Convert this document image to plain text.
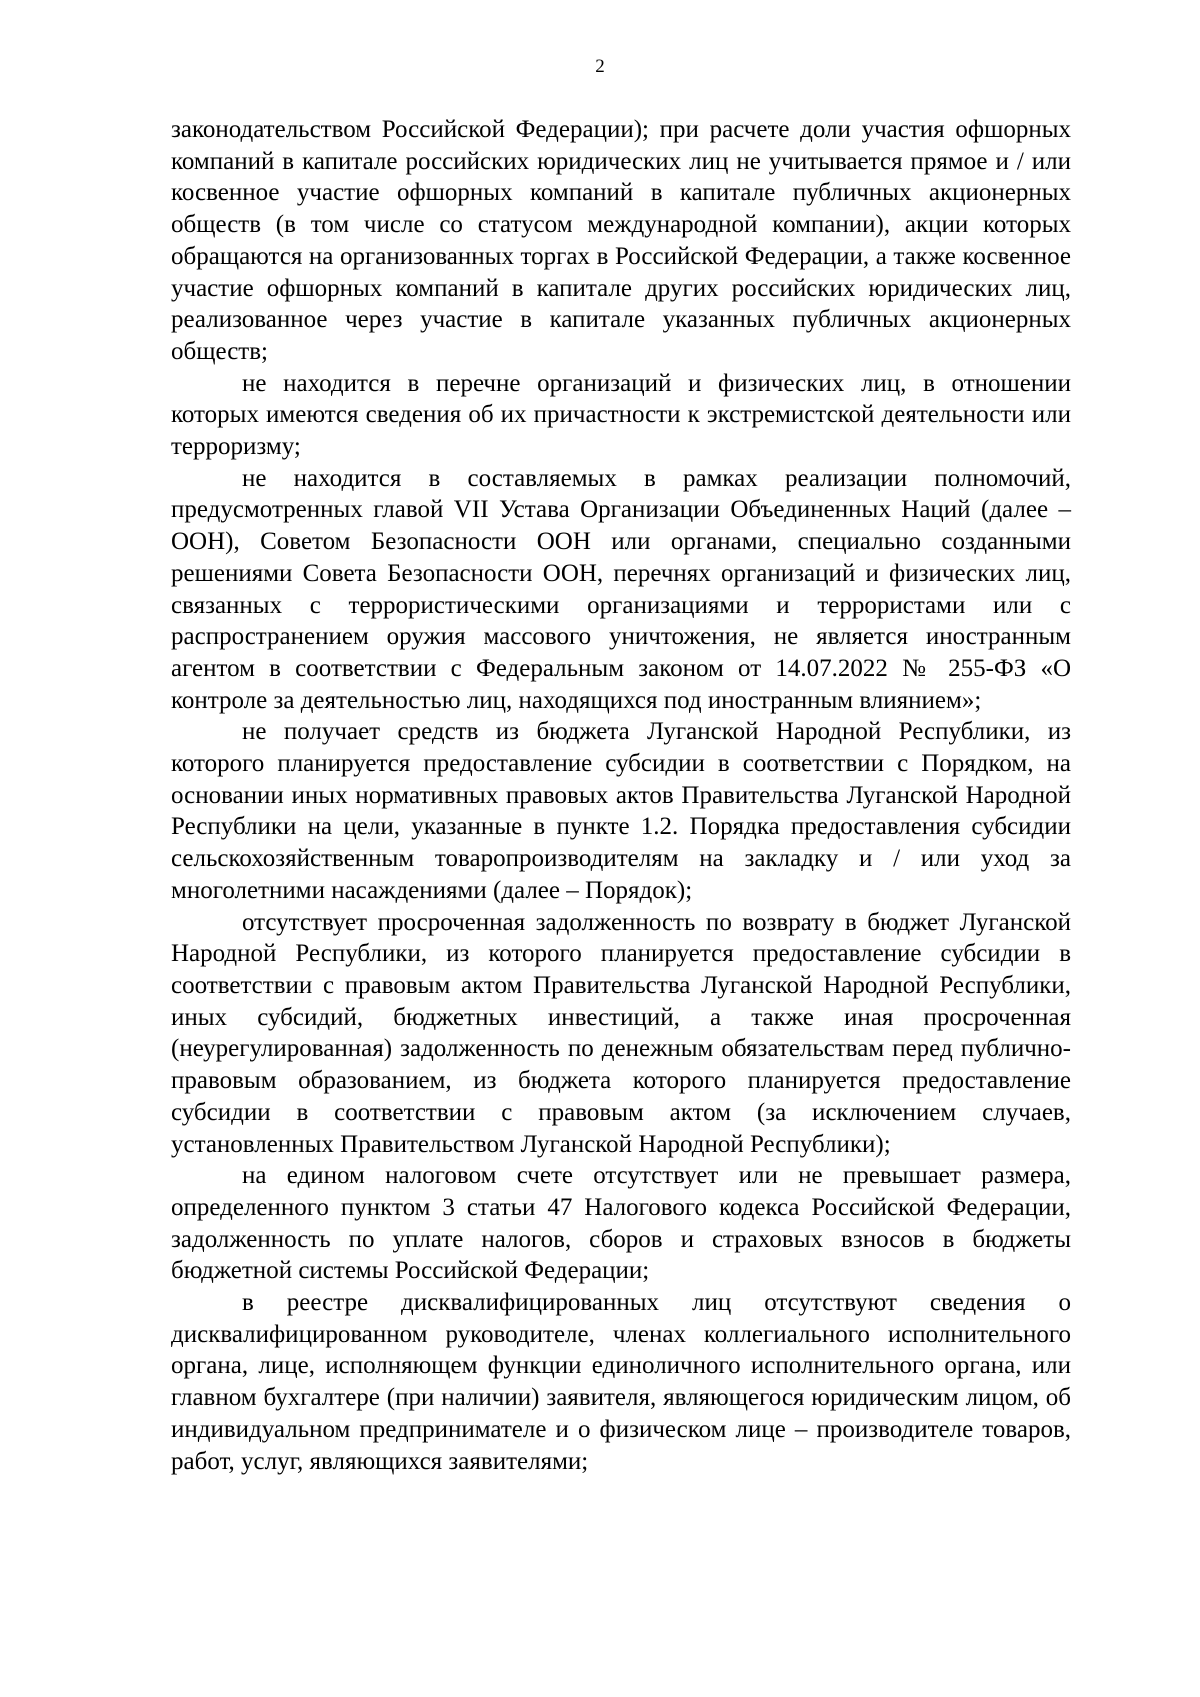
2

законодательством Российской Федерации); при расчете доли участия офшорных компаний в капитале российских юридических лиц не учитывается прямое и / или косвенное участие офшорных компаний в капитале публичных акционерных обществ (в том числе со статусом международной компании), акции которых обращаются на организованных торгах в Российской Федерации, а также косвенное участие офшорных компаний в капитале других российских юридических лиц, реализованное через участие в капитале указанных публичных акционерных обществ;

не находится в перечне организаций и физических лиц, в отношении которых имеются сведения об их причастности к экстремистской деятельности или терроризму;

не находится в составляемых в рамках реализации полномочий, предусмотренных главой VII Устава Организации Объединенных Наций (далее – ООН), Советом Безопасности ООН или органами, специально созданными решениями Совета Безопасности ООН, перечнях организаций и физических лиц, связанных с террористическими организациями и террористами или с распространением оружия массового уничтожения, не является иностранным агентом в соответствии с Федеральным законом от 14.07.2022 № 255-ФЗ «О контроле за деятельностью лиц, находящихся под иностранным влиянием»;

не получает средств из бюджета Луганской Народной Республики, из которого планируется предоставление субсидии в соответствии с Порядком, на основании иных нормативных правовых актов Правительства Луганской Народной Республики на цели, указанные в пункте 1.2. Порядка предоставления субсидии сельскохозяйственным товаропроизводителям на закладку и / или уход за многолетними насаждениями (далее – Порядок);

отсутствует просроченная задолженность по возврату в бюджет Луганской Народной Республики, из которого планируется предоставление субсидии в соответствии с правовым актом Правительства Луганской Народной Республики, иных субсидий, бюджетных инвестиций, а также иная просроченная (неурегулированная) задолженность по денежным обязательствам перед публично-правовым образованием, из бюджета которого планируется предоставление субсидии в соответствии с правовым актом (за исключением случаев, установленных Правительством Луганской Народной Республики);

на едином налоговом счете отсутствует или не превышает размера, определенного пунктом 3 статьи 47 Налогового кодекса Российской Федерации, задолженность по уплате налогов, сборов и страховых взносов в бюджеты бюджетной системы Российской Федерации;

в реестре дисквалифицированных лиц отсутствуют сведения о дисквалифицированном руководителе, членах коллегиального исполнительного органа, лице, исполняющем функции единоличного исполнительного органа, или главном бухгалтере (при наличии) заявителя, являющегося юридическим лицом, об индивидуальном предпринимателе и о физическом лице – производителе товаров, работ, услуг, являющихся заявителями;
